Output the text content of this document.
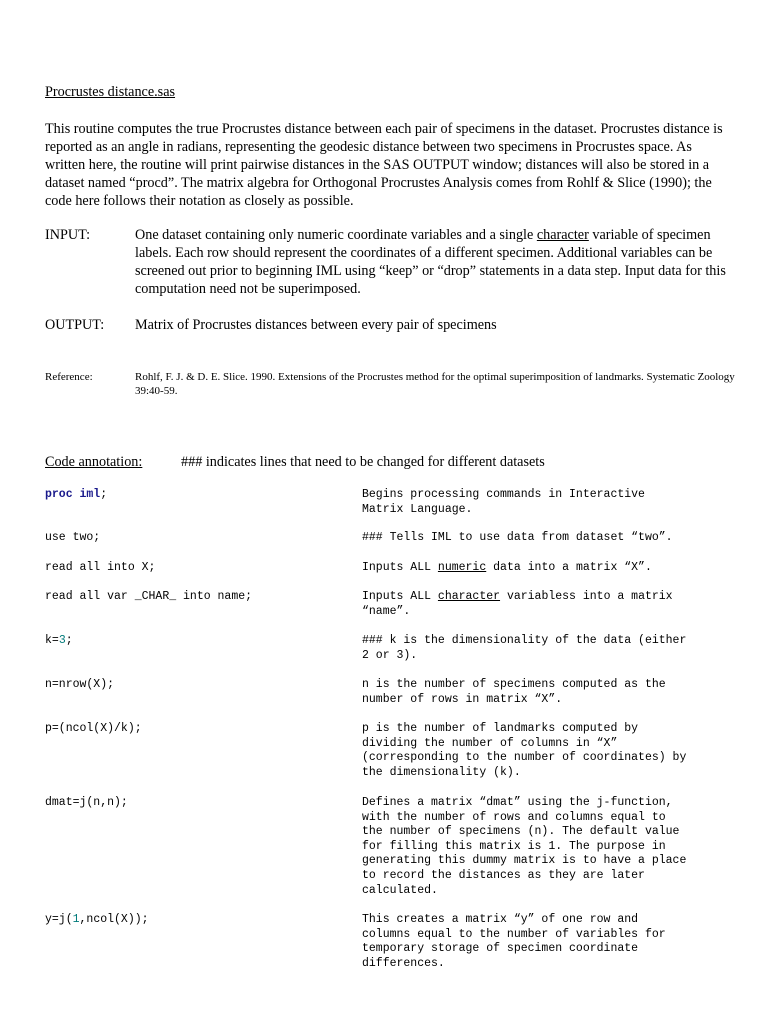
Procrustes distance.sas

This routine computes the true Procrustes distance between each pair of specimens in the dataset. Procrustes distance is reported as an angle in radians, representing the geodesic distance between two specimens in Procrustes space. As written here, the routine will print pairwise distances in the SAS OUTPUT window; distances will also be stored in a dataset named “procd”. The matrix algebra for Orthogonal Procrustes Analysis comes from Rohlf & Slice (1990); the code here follows their notation as closely as possible.

INPUT:	One dataset containing only numeric coordinate variables and a single character variable of specimen labels. Each row should represent the coordinates of a different specimen. Additional variables can be screened out prior to beginning IML using “keep” or “drop” statements in a data step. Input data for this computation need not be superimposed.

OUTPUT: Matrix of Procrustes distances between every pair of specimens

Reference:	Rohlf, F. J. & D. E. Slice. 1990. Extensions of the Procrustes method for the optimal superimposition of landmarks. Systematic Zoology 39:40-59.

Code annotation:	### indicates lines that need to be changed for different datasets
proc iml;	Begins processing commands in Interactive
Matrix Language.
use two;	### Tells IML to use data from dataset “two”.
read all into X;	Inputs ALL numeric data into a matrix “X”.
read all var _CHAR_ into name;	Inputs ALL character variabless into a matrix
“name”.
k=3;	### k is the dimensionality of the data (either
2 or 3).
n=nrow(X);	n is the number of specimens computed as the
number of rows in matrix “X”.
p=(ncol(X)/k);	p is the number of landmarks computed by
dividing the number of columns in “X”
(corresponding to the number of coordinates) by
the dimensionality (k).
dmat=j(n,n);	Defines a matrix “dmat” using the j-function,
with the number of rows and columns equal to
the number of specimens (n). The default value
for filling this matrix is 1. The purpose in
generating this dummy matrix is to have a place
to record the distances as they are later
calculated.
y=j(1,ncol(X));	This creates a matrix “y” of one row and
columns equal to the number of variables for
temporary storage of specimen coordinate
differences.
